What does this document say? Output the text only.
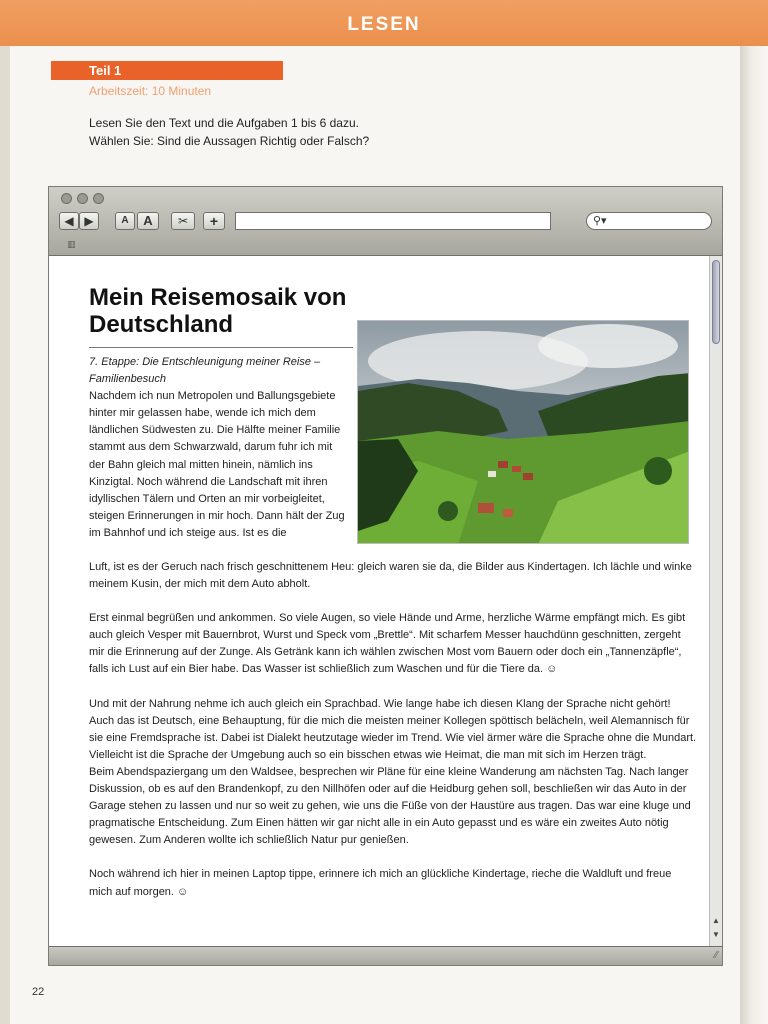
LESEN
Teil 1
Arbeitszeit: 10 Minuten
Lesen Sie den Text und die Aufgaben 1 bis 6 dazu.
Wählen Sie: Sind die Aussagen Richtig oder Falsch?
◀ ▶	A	A	✂	+	⚲▾
▥
Mein Reisemosaik von Deutschland
7. Etappe: Die Entschleunigung meiner Reise – Familienbesuch
Nachdem ich nun Metropolen und Ballungsgebiete hinter mir gelassen habe, wende ich mich dem ländlichen Südwesten zu. Die Hälfte meiner Familie stammt aus dem Schwarzwald, darum fuhr ich mit der Bahn gleich mal mitten hinein, nämlich ins Kinzigtal. Noch während die Landschaft mit ihren idyllischen Tälern und Orten an mir vorbeigleitet, steigen Erinnerungen in mir hoch. Dann hält der Zug im Bahnhof und ich steige aus. Ist es die

Luft, ist es der Geruch nach frisch geschnittenem Heu: gleich waren sie da, die Bilder aus Kindertagen. Ich lächle und winke meinem Kusin, der mich mit dem Auto abholt.

Erst einmal begrüßen und ankommen. So viele Augen, so viele Hände und Arme, herzliche Wärme empfängt mich. Es gibt auch gleich Vesper mit Bauernbrot, Wurst und Speck vom „Brettle“. Mit scharfem Messer hauchdünn geschnitten, zergeht mir die Erinnerung auf der Zunge. Als Getränk kann ich wählen zwischen Most vom Bauern oder doch ein „Tannenzäpfle“, falls ich Lust auf ein Bier habe. Das Wasser ist schließlich zum Waschen und für die Tiere da. ☺

Und mit der Nahrung nehme ich auch gleich ein Sprachbad. Wie lange habe ich diesen Klang der Sprache nicht gehört! Auch das ist Deutsch, eine Behauptung, für die mich die meisten meiner Kollegen spöttisch belächeln, weil Alemannisch für sie eine Fremdsprache ist. Dabei ist Dialekt heutzutage wieder im Trend. Wie viel ärmer wäre die Sprache ohne die Mundart. Vielleicht ist die Sprache der Umgebung auch so ein bisschen etwas wie Heimat, die man mit sich im Herzen trägt.

Beim Abendspaziergang um den Waldsee, besprechen wir Pläne für eine kleine Wanderung am nächsten Tag. Nach langer Diskussion, ob es auf den Brandenkopf, zu den Nillhöfen oder auf die Heidburg gehen soll, beschließen wir das Auto in der Garage stehen zu lassen und nur so weit zu gehen, wie uns die Füße von der Haustüre aus tragen. Das war eine kluge und pragmatische Entscheidung. Zum Einen hätten wir gar nicht alle in ein Auto gepasst und es wäre ein zweites Auto nötig gewesen. Zum Anderen wollte ich schließlich Natur pur genießen.

Noch während ich hier in meinen Laptop tippe, erinnere ich mich an glückliche Kindertage, rieche die Waldluft und freue mich auf morgen. ☺

▲
▼
⁄⁄
22
